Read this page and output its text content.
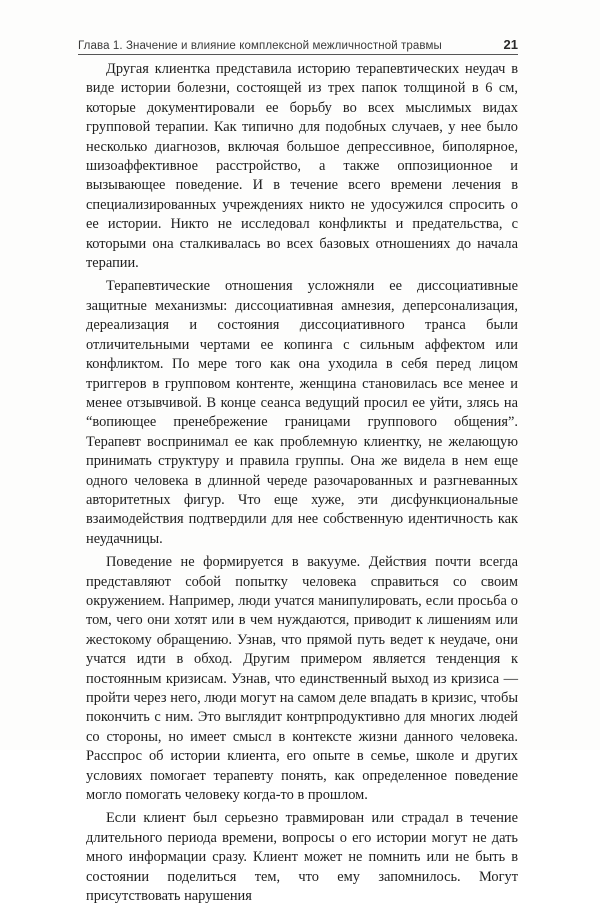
Глава 1. Значение и влияние комплексной межличностной травмы	21

Другая клиентка представила историю терапевтических неудач в виде истории болезни, состоящей из трех папок толщиной в 6 см, которые документировали ее борьбу во всех мыслимых видах групповой терапии. Как типично для подобных случаев, у нее было несколько диагнозов, включая большое депрессивное, биполярное, шизоаффективное расстройство, а также оппозиционное и вызывающее поведение. И в течение всего времени лечения в специализированных учреждениях никто не удосужился спросить о ее истории. Никто не исследовал конфликты и предательства, с которыми она сталкивалась во всех базовых отношениях до начала терапии.

Терапевтические отношения усложняли ее диссоциативные защитные механизмы: диссоциативная амнезия, деперсонализация, дереализация и состояния диссоциативного транса были отличительными чертами ее копинга с сильным аффектом или конфликтом. По мере того как она уходила в себя перед лицом триггеров в групповом контенте, женщина становилась все менее и менее отзывчивой. В конце сеанса ведущий просил ее уйти, злясь на “вопиющее пренебрежение границами группового общения”. Терапевт воспринимал ее как проблемную клиентку, не желающую принимать структуру и правила группы. Она же видела в нем еще одного человека в длинной череде разочарованных и разгневанных авторитетных фигур. Что еще хуже, эти дисфункциональные взаимодействия подтвердили для нее собственную идентичность как неудачницы.

Поведение не формируется в вакууме. Действия почти всегда представляют собой попытку человека справиться со своим окружением. Например, люди учатся манипулировать, если просьба о том, чего они хотят или в чем нуждаются, приводит к лишениям или жестокому обращению. Узнав, что прямой путь ведет к неудаче, они учатся идти в обход. Другим примером является тенденция к постоянным кризисам. Узнав, что единственный выход из кризиса — пройти через него, люди могут на самом деле впадать в кризис, чтобы покончить с ним. Это выглядит контрпродуктивно для многих людей со стороны, но имеет смысл в контексте жизни данного человека. Расспрос об истории клиента, его опыте в семье, школе и других условиях помогает терапевту понять, как определенное поведение могло помогать человеку когда-то в прошлом.

Если клиент был серьезно травмирован или страдал в течение длительного периода времени, вопросы о его истории могут не дать много информации сразу. Клиент может не помнить или не быть в состоянии поделиться тем, что ему запомнилось. Могут присутствовать нарушения
